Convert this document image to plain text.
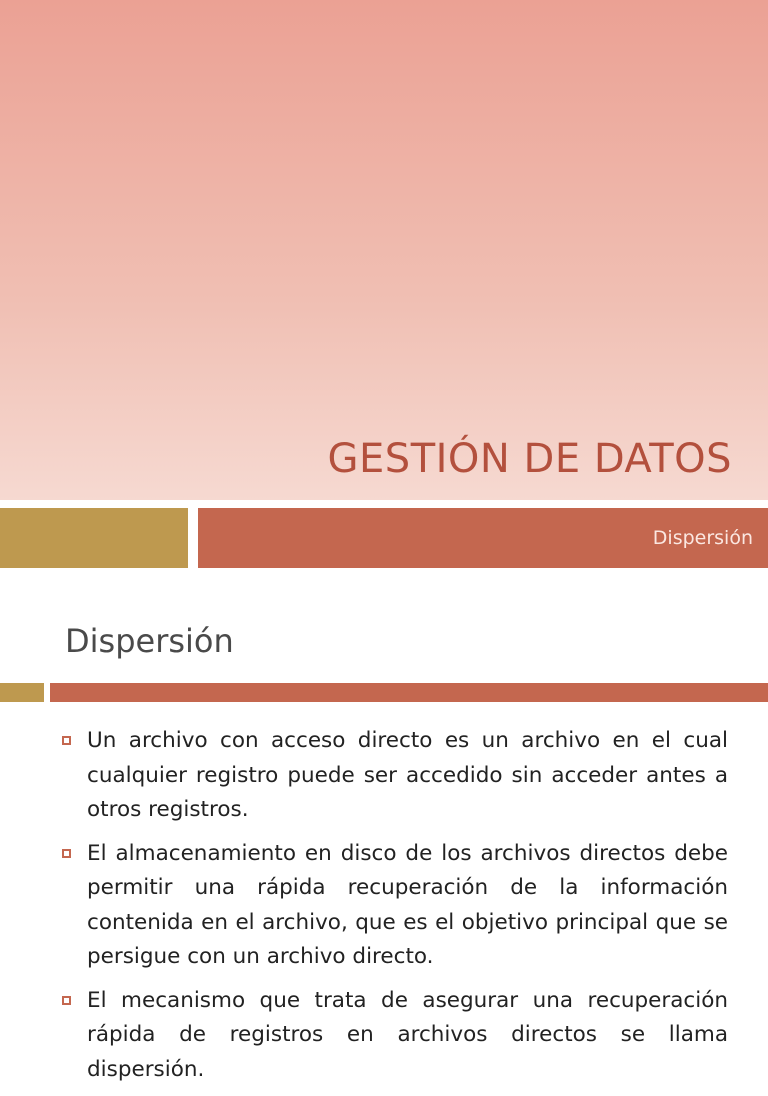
GESTIÓN DE DATOS

Dispersión

Dispersión
Un archivo con acceso directo es un archivo en el cual cualquier registro puede ser accedido sin acceder antes a otros registros.
El almacenamiento en disco de los archivos directos debe permitir una rápida recuperación de la información contenida en el archivo, que es el objetivo principal que se persigue con un archivo directo.
El mecanismo que trata de asegurar una recuperación rápida de registros en archivos directos se llama dispersión.
